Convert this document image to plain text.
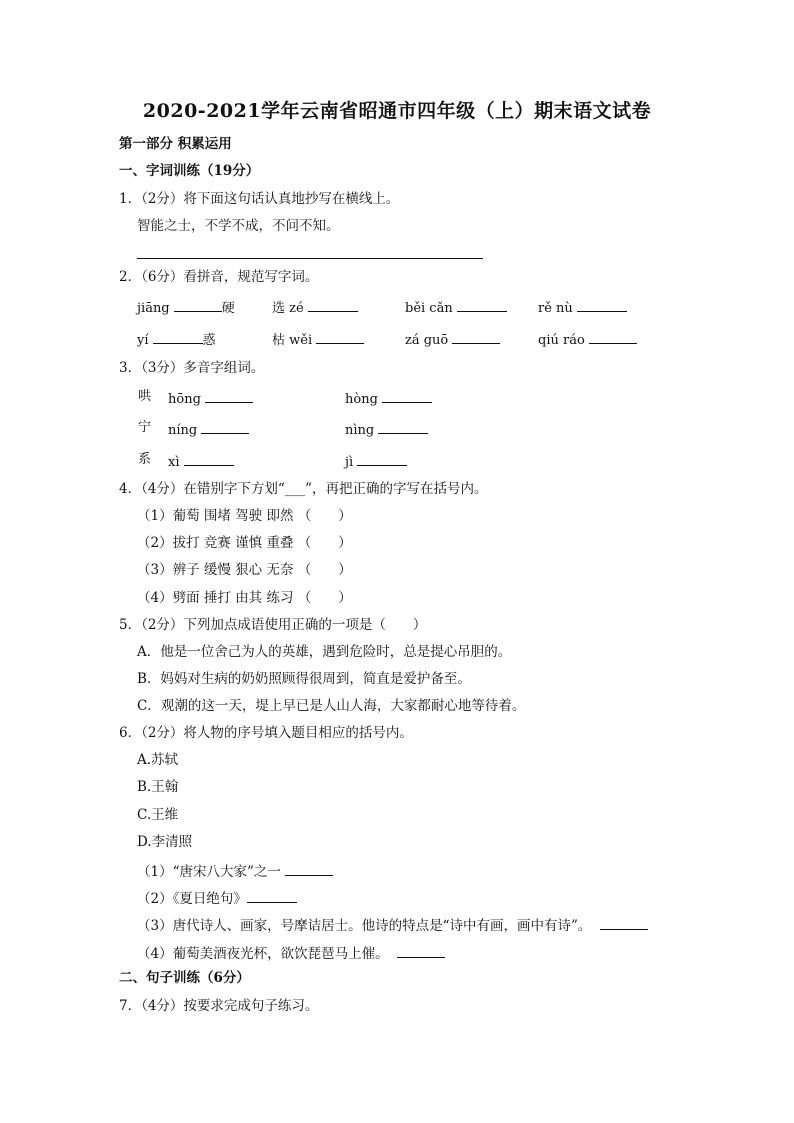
2020-2021学年云南省昭通市四年级（上）期末语文试卷
第一部分 积累运用
一、字词训练（19分）
1．（2分）将下面这句话认真地抄写在横线上。
智能之士，不学不成，不问不知。
2．（6分）看拼音，规范写字词。
jiāng	硬	选 zé	běi cǎn	rě nù
yí	惑	枯 wěi	zá guō	qiú ráo
3．（3分）多音字组词。
哄 hōng	hòng
宁 níng	nìng
系 xì	jì
4．（4分）在错别字下方划“___”，再把正确的字写在括号内。
（1）葡萄 围堵 驾驶 即然 （　　）
（2）拔打 竞赛 谨慎 重叠 （　　）
（3）辨子 缓慢 狠心 无奈 （　　）
（4）劈面 捶打 由其 练习 （　　）
5．（2分）下列加点成语使用正确的一项是（　　）
A．他是一位舍己为人的英雄，遇到危险时，总是提心吊胆的。
B．妈妈对生病的奶奶照顾得很周到，简直是爱护备至。
C．观潮的这一天，堤上早已是人山人海，大家都耐心地等待着。
6．（2分）将人物的序号填入题目相应的括号内。
A.苏轼
B.王翰
C.王维
D.李清照
（1）“唐宋八大家”之一
（2）《夏日绝句》
（3）唐代诗人、画家，号摩诘居士。他诗的特点是“诗中有画，画中有诗”。
（4）葡萄美酒夜光杯，欲饮琵琶马上催。
二、句子训练（6分）
7．（4分）按要求完成句子练习。
